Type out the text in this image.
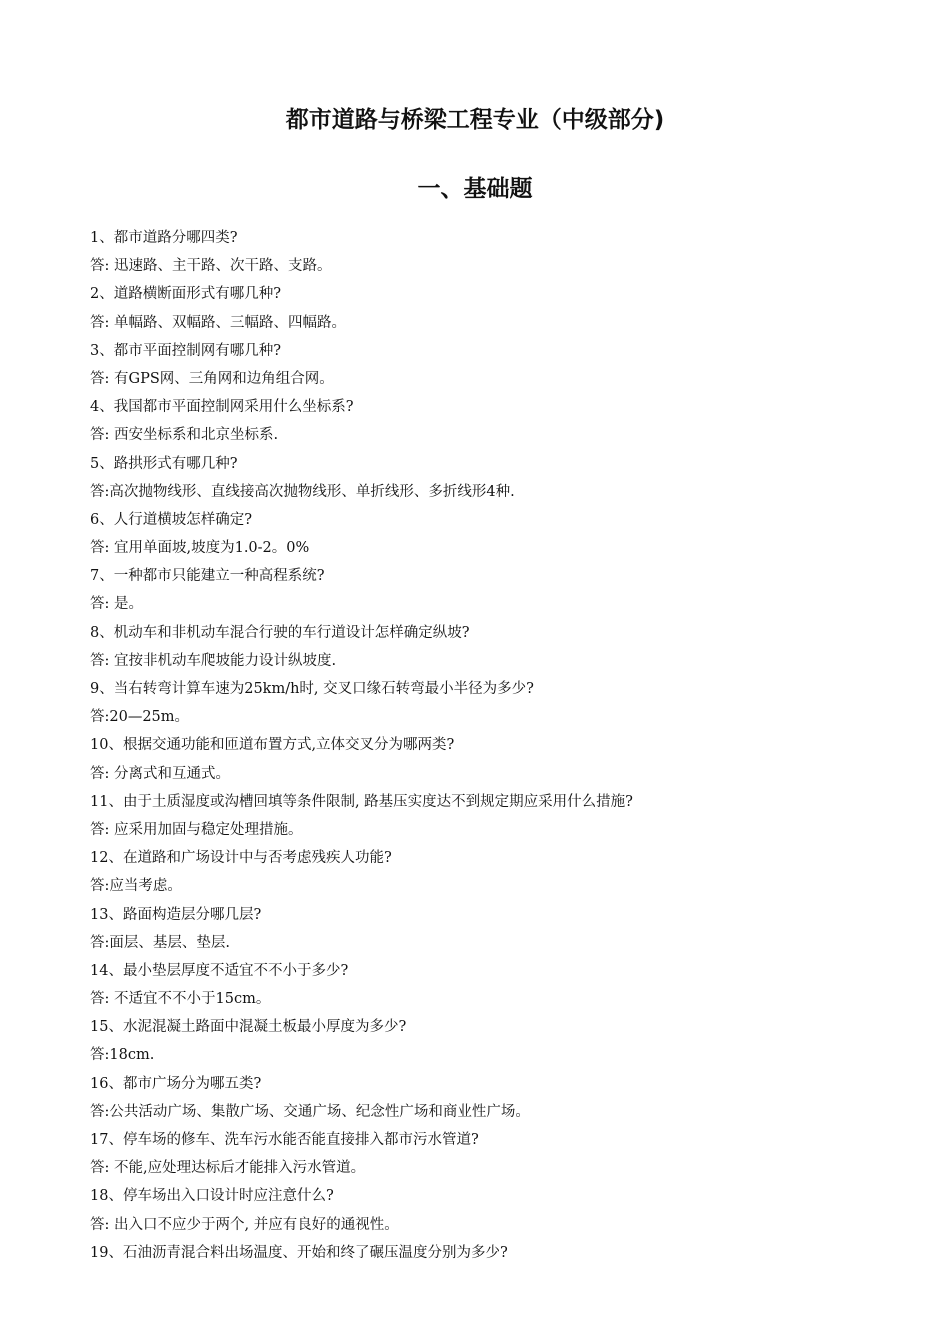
都市道路与桥梁工程专业（中级部分)
一、基础题
1、都市道路分哪四类?
答: 迅速路、主干路、次干路、支路。
2、道路横断面形式有哪几种?
答: 单幅路、双幅路、三幅路、四幅路。
3、都市平面控制网有哪几种?
答: 有GPS网、三角网和边角组合网。
4、我国都市平面控制网采用什么坐标系?
答: 西安坐标系和北京坐标系.
5、路拱形式有哪几种?
答:高次抛物线形、直线接高次抛物线形、单折线形、多折线形4种.
6、人行道横坡怎样确定?
答: 宜用单面坡,坡度为1.0-2。0%
7、一种都市只能建立一种高程系统?
答: 是。
8、机动车和非机动车混合行驶的车行道设计怎样确定纵坡?
答: 宜按非机动车爬坡能力设计纵坡度.
9、当右转弯计算车速为25km/h时, 交叉口缘石转弯最小半径为多少?
答:20—25m。
10、根据交通功能和匝道布置方式,立体交叉分为哪两类?
答: 分离式和互通式。
11、由于土质湿度或沟槽回填等条件限制, 路基压实度达不到规定期应采用什么措施?
答: 应采用加固与稳定处理措施。
12、在道路和广场设计中与否考虑残疾人功能?
答:应当考虑。
13、路面构造层分哪几层?
答:面层、基层、垫层.
14、最小垫层厚度不适宜不不小于多少?
答: 不适宜不不小于15cm。
15、水泥混凝土路面中混凝土板最小厚度为多少?
答:18cm.
16、都市广场分为哪五类?
答:公共活动广场、集散广场、交通广场、纪念性广场和商业性广场。
17、停车场的修车、洗车污水能否能直接排入都市污水管道?
答: 不能,应处理达标后才能排入污水管道。
18、停车场出入口设计时应注意什么?
答: 出入口不应少于两个, 并应有良好的通视性。
19、石油沥青混合料出场温度、开始和终了碾压温度分别为多少?
